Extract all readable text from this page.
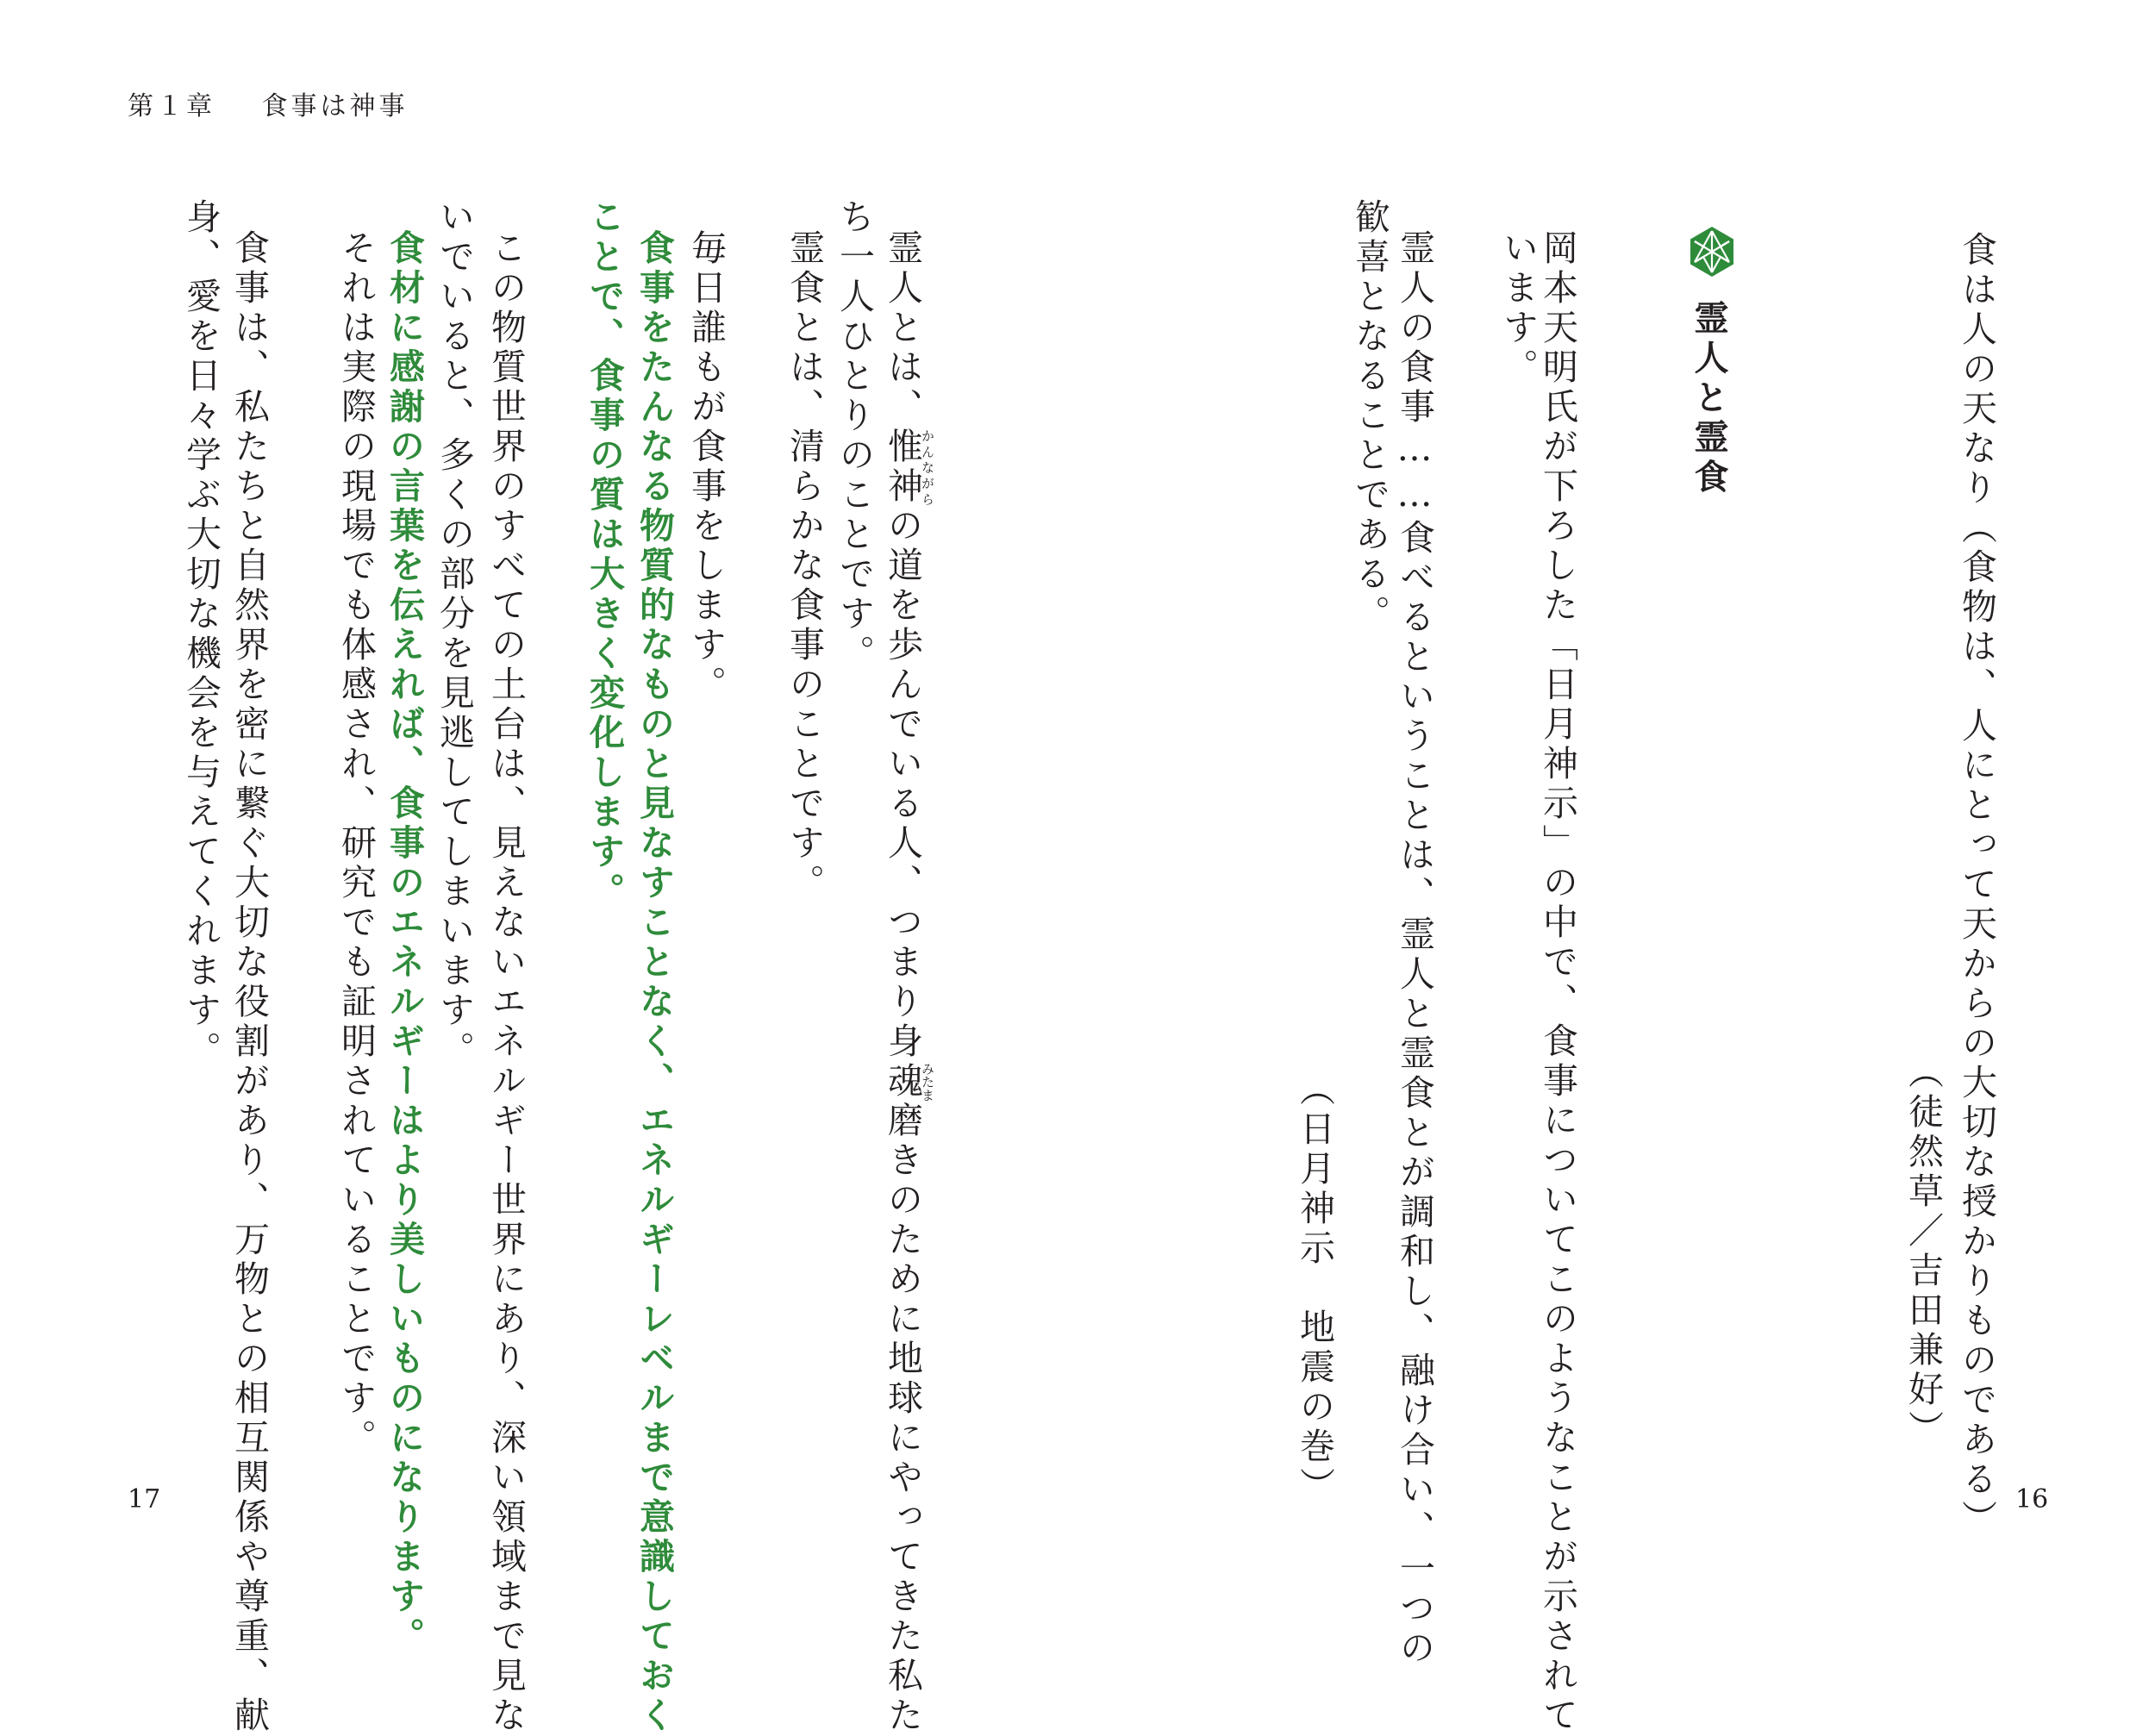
第１章 食事は神事
17	16
食は人の天なり（食物は、人にとって天からの大切な授かりものである）
（徒然草／吉田兼好）
霊人と霊食
岡本天明氏が下ろした「日月神示」の中で、食事についてこのようなことが示されて
います。
霊人の食事……食べるということは、霊人と霊食とが調和し、融け合い、一つの
歓喜となることである。
（日月神示　地震の巻）
霊人とは、惟神かんながらの道を歩んでいる人、つまり身魂みたま磨きのために地球にやってきた私た
ち一人ひとりのことです。
霊食とは、清らかな食事のことです。
毎日誰もが食事をします。
食事をたんなる物質的なものと見なすことなく、エネルギーレベルまで意識しておく
ことで、食事の質は大きく変化します。
この物質世界のすべての土台は、見えないエネルギー世界にあり、深い領域まで見な
いでいると、多くの部分を見逃してしまいます。
食材に感謝の言葉を伝えれば、食事のエネルギーはより美しいものになります。
それは実際の現場でも体感され、研究でも証明されていることです。
食事は、私たちと自然界を密に繋ぐ大切な役割があり、万物との相互関係や尊重、献
身、愛を日々学ぶ大切な機会を与えてくれます。
